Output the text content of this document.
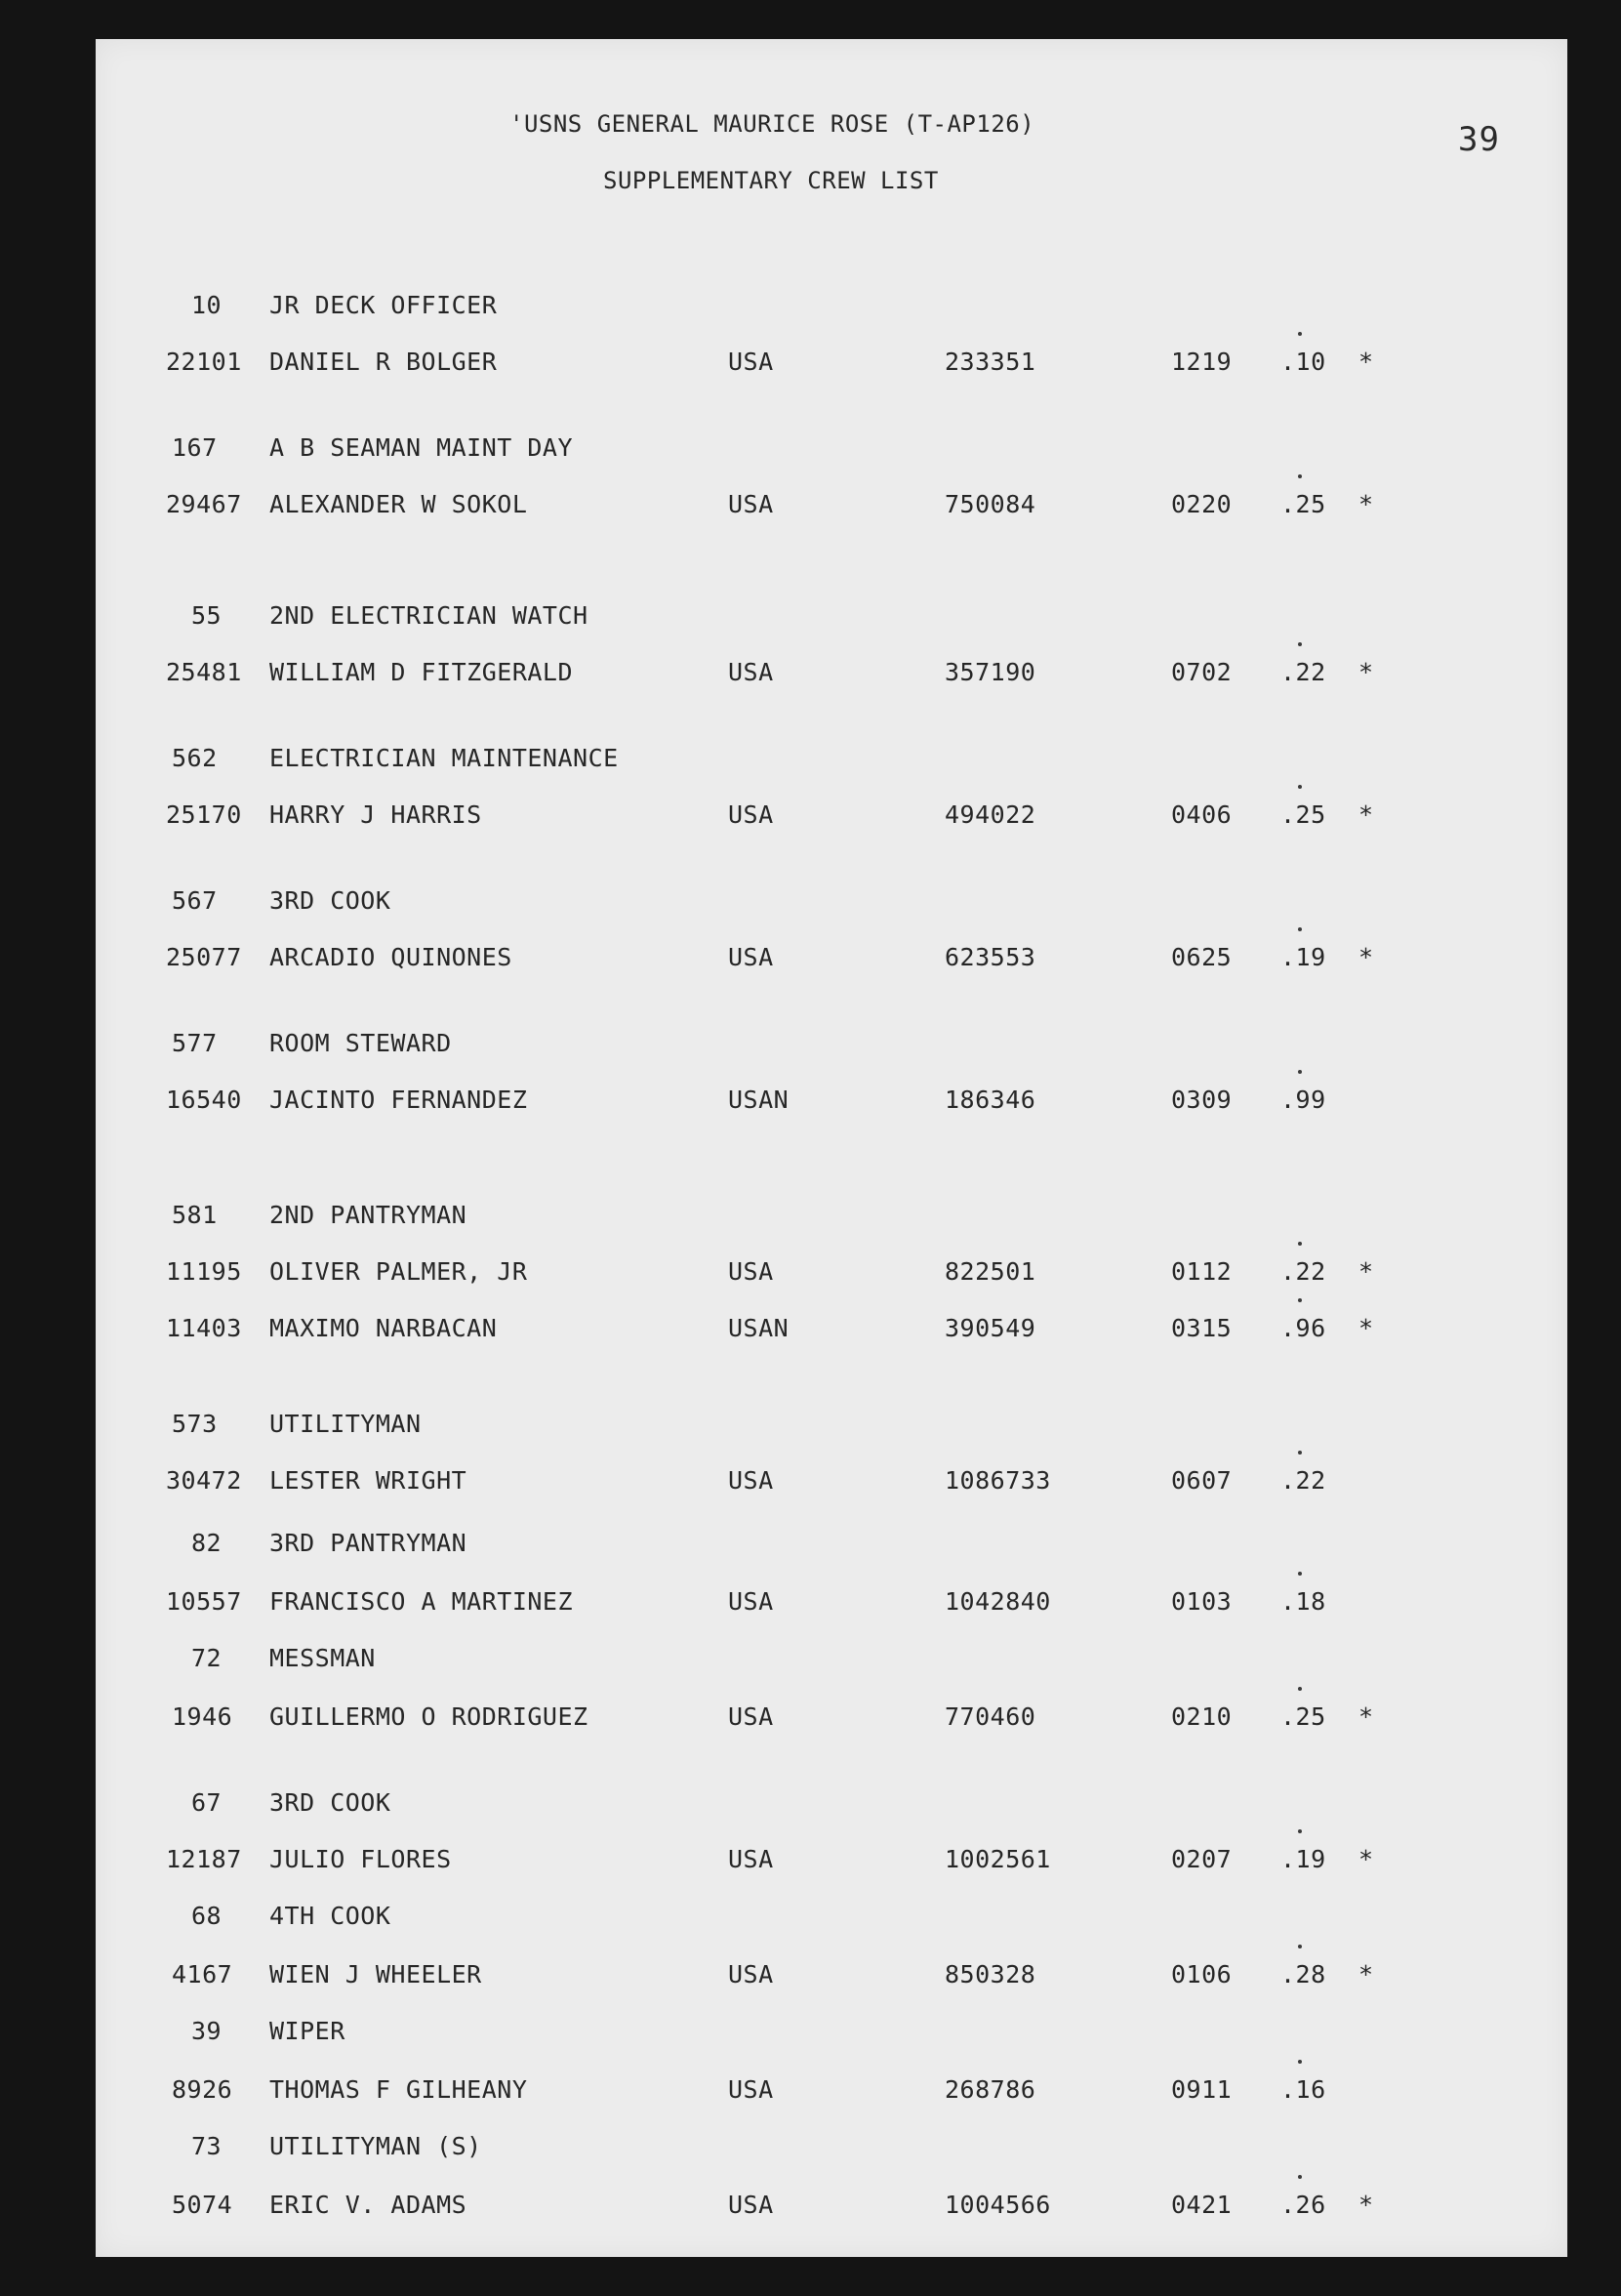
'USNS GENERAL MAURICE ROSE (T-AP126)
SUPPLEMENTARY CREW LIST
39
10 JR DECK OFFICER
22101 DANIEL R BOLGER	USA	233351	1219 .10 *
167 A B SEAMAN MAINT DAY
29467 ALEXANDER W SOKOL	USA	750084	0220 .25 *
55 2ND ELECTRICIAN WATCH
25481 WILLIAM D FITZGERALD	USA	357190	0702 .22 *
562 ELECTRICIAN MAINTENANCE
25170 HARRY J HARRIS	USA	494022	0406 .25 *
567 3RD COOK
25077 ARCADIO QUINONES	USA	623553	0625 .19 *
577 ROOM STEWARD
16540 JACINTO FERNANDEZ	USAN	186346	0309 .99
581 2ND PANTRYMAN
11195 OLIVER PALMER, JR	USA	822501	0112 .22 *
11403 MAXIMO NARBACAN	USAN	390549	0315 .96 *
573 UTILITYMAN
30472 LESTER WRIGHT	USA	1086733	0607 .22
82 3RD PANTRYMAN
10557 FRANCISCO A MARTINEZ	USA	1042840	0103 .18
72 MESSMAN
1946 GUILLERMO O RODRIGUEZ	USA	770460	0210 .25 *
67 3RD COOK
12187 JULIO FLORES	USA	1002561	0207 .19 *
68 4TH COOK
4167 WIEN J WHEELER	USA	850328	0106 .28 *
39 WIPER
8926 THOMAS F GILHEANY	USA	268786	0911 .16
73 UTILITYMAN (S)
5074 ERIC V. ADAMS	USA	1004566	0421 .26 *
